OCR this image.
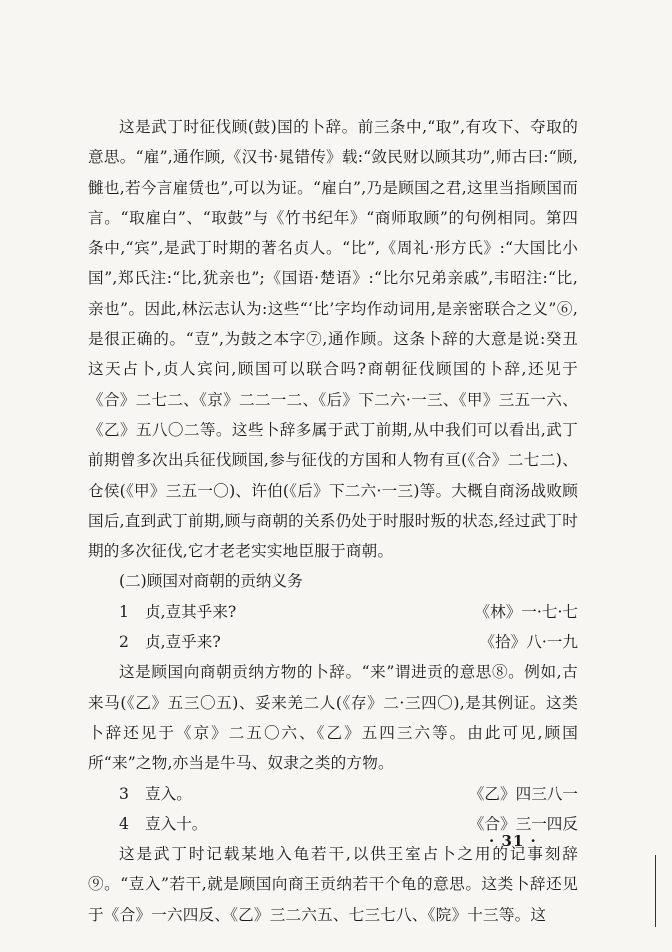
这是武丁时征伐顾(鼓)国的卜辞。前三条中,“取”,有攻下、夺取的意思。“雇”,通作顾,《汉书·晁错传》载:“敛民财以顾其功”,师古曰:“顾,雠也,若今言雇赁也”,可以为证。“雇白”,乃是顾国之君,这里当指顾国而言。“取雇白”、“取鼓”与《竹书纪年》“商师取顾”的句例相同。第四条中,“宾”,是武丁时期的著名贞人。“比”,《周礼·形方氏》:“大国比小国”,郑氏注:“比,犹亲也”;《国语·楚语》:“比尔兄弟亲戚”,韦昭注:“比,亲也”。因此,林沄志认为:这些“‘比’字均作动词用,是亲密联合之义”⑥,是很正确的。“壴”,为鼓之本字⑦,通作顾。这条卜辞的大意是说:癸丑这天占卜,贞人宾问,顾国可以联合吗?商朝征伐顾国的卜辞,还见于《合》二七二、《京》二二一二、《后》下二六·一三、《甲》三五一六、《乙》五八〇二等。这些卜辞多属于武丁前期,从中我们可以看出,武丁前期曾多次出兵征伐顾国,参与征伐的方国和人物有亘(《合》二七二)、仓侯(《甲》三五一〇)、许伯(《后》下二六·一三)等。大概自商汤战败顾国后,直到武丁前期,顾与商朝的关系仍处于时服时叛的状态,经过武丁时期的多次征伐,它才老老实实地臣服于商朝。

(二)顾国对商朝的贡纳义务

1 贞,壴其乎来?	《林》一·七·七
2 贞,壴乎来?	《拾》八·一九

这是顾国向商朝贡纳方物的卜辞。“来”谓进贡的意思⑧。例如,古来马(《乙》五三〇五)、妥来羌二人(《存》二·三四〇),是其例证。这类卜辞还见于《京》二五〇六、《乙》五四三六等。由此可见,顾国所“来”之物,亦当是牛马、奴隶之类的方物。

3 壴入。	《乙》四三八一
4 壴入十。	《合》三一四反

这是武丁时记载某地入龟若干,以供王室占卜之用的记事刻辞⑨。“壴入”若干,就是顾国向商王贡纳若干个龟的意思。这类卜辞还见于《合》一六四反、《乙》三二六五、七三七八、《院》十三等。这

· 31 ·
